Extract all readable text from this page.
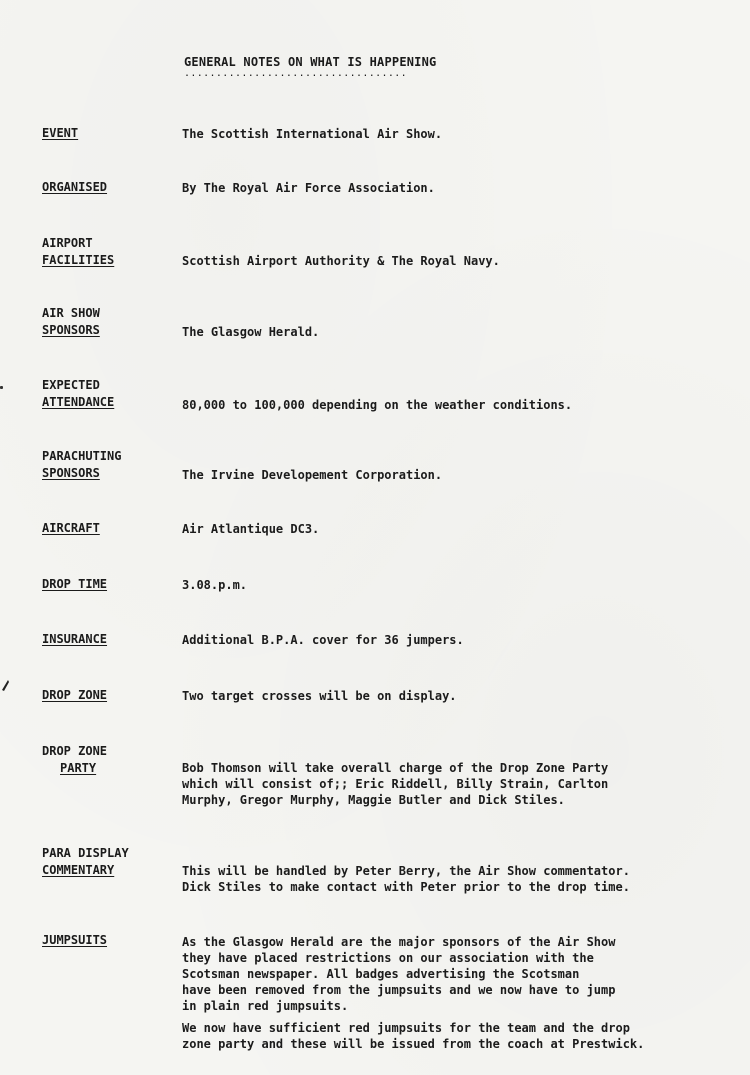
GENERAL NOTES ON WHAT IS HAPPENING
...................................
EVENT	The Scottish International Air Show.
ORGANISED	By The Royal Air Force Association.
AIRPORT
FACILITIES	Scottish Airport Authority & The Royal Navy.
AIR SHOW
SPONSORS	The Glasgow Herald.
EXPECTED
ATTENDANCE	80,000 to 100,000 depending on the weather conditions.
PARACHUTING
SPONSORS	The Irvine Developement Corporation.
AIRCRAFT	Air Atlantique DC3.
DROP TIME	3.08.p.m.
INSURANCE	Additional B.P.A. cover for 36 jumpers.
DROP ZONE	Two target crosses will be on display.
DROP ZONE
PARTY	Bob Thomson will take overall charge of the Drop Zone Party
which will consist of;; Eric Riddell, Billy Strain, Carlton
Murphy, Gregor Murphy, Maggie Butler and Dick Stiles.
PARA DISPLAY
COMMENTARY	This will be handled by Peter Berry, the Air Show commentator.
Dick Stiles to make contact with Peter prior to the drop time.
JUMPSUITS	As the Glasgow Herald are the major sponsors of the Air Show
they have placed restrictions on our association with the
Scotsman newspaper. All badges advertising the Scotsman
have been removed from the jumpsuits and we now have to jump
in plain red jumpsuits.
We now have sufficient red jumpsuits for the team and the drop
zone party and these will be issued from the coach at Prestwick.
